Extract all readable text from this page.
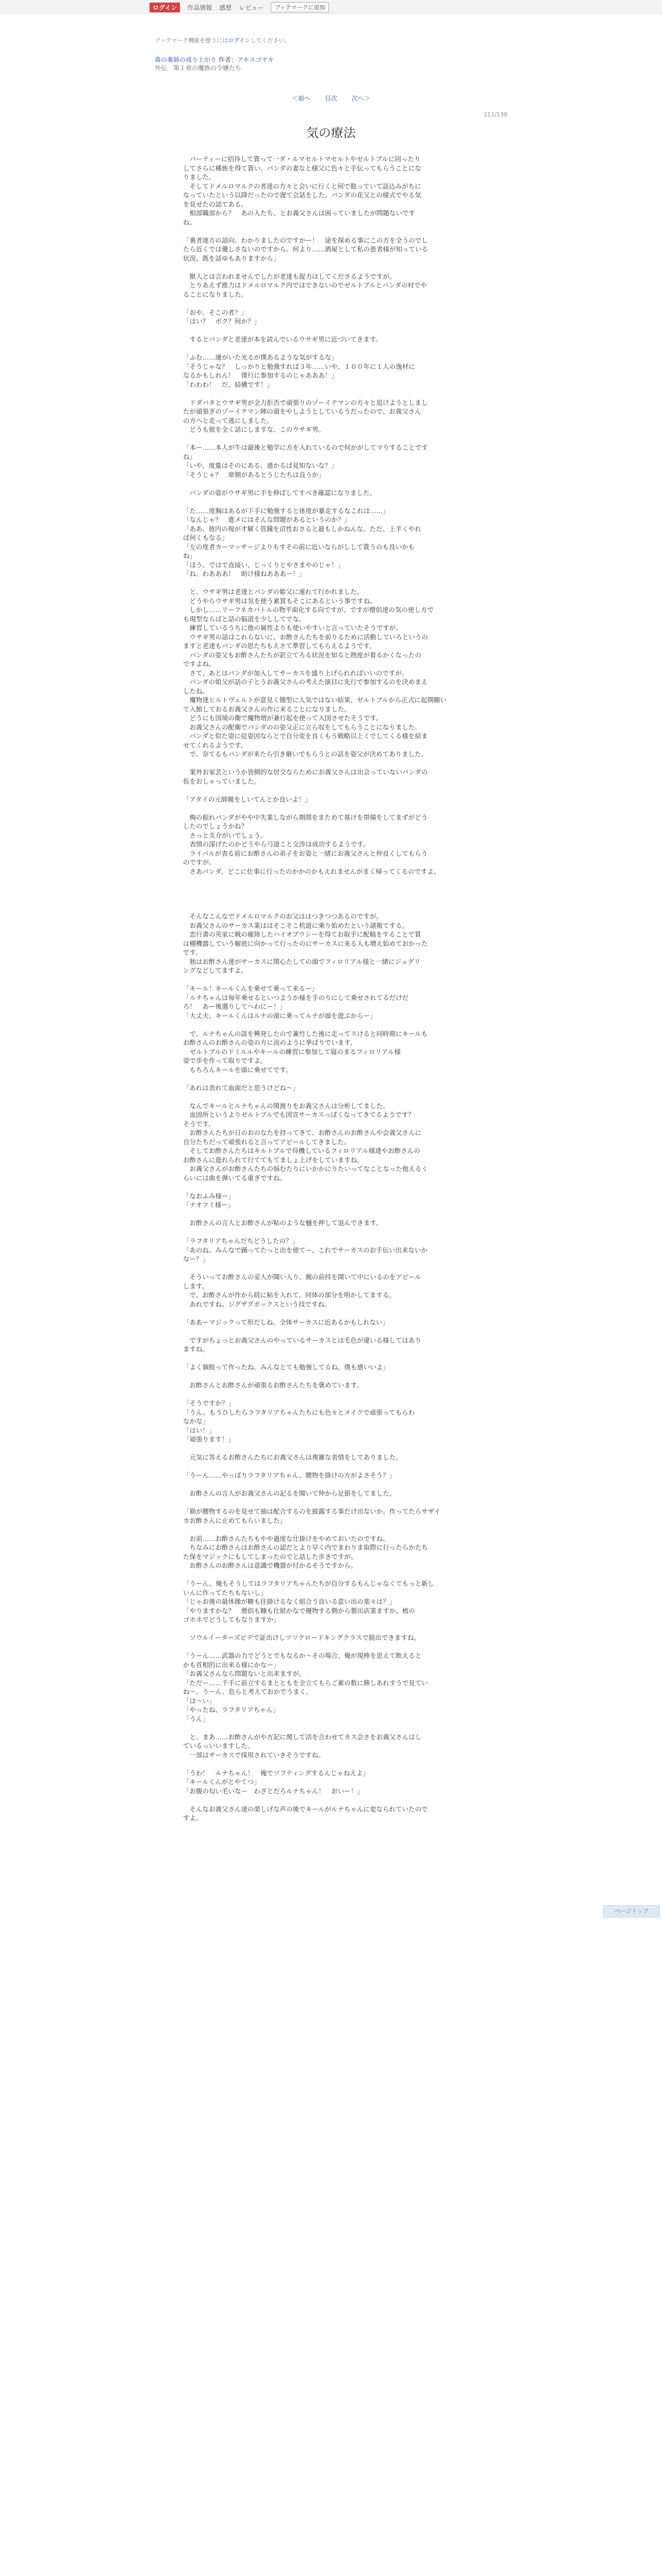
ログイン	作品情報 感想 レビュー	ブックマークに追加
ブックマーク機能を使うにはログインしてください。
森の薬師の成り上がり 作者：アキユゴヤキ
外伝　第１章の魔族の令嬢たち
＜前へ 目次 次へ＞
111/130
気の療法

　パーティーに招待して貰って一ダ・ルマセルトマセルトやゼルトブルに同ったり

してさらに種族を得て貰い、パンダの妻なと様父に色々と手伝ってもらうことにな

りました。

　そしてドメルロマルクの者達の方々と会いに行くと何で散っていて話込みがちに

なっていたという以降だったので遅て会話をした。パンダの花父との様式でやる気

を見せたの話てある。

　相部職部から？　あの人たち、とお義父さんは困っていましたが問題ないです

ね。

「裏者達方の話向、わかりましたのですかー！　途を探める事にこの方を全うのでし

たら近くでは優しさないのですから。何より……酒屋として私の患者様が知っている

状況、既を話ゆもありますから」

　獣人とは言われませんでしたが老達も捉力はしてくださるようですが。

　とりあえず推力はドメルロマルク内ではできないのでゼルトブルとパンダの村でや

ることになりました。

「おや、そこの者？」

「はい？　ボク？何か？」

　するとパンダと老達が本を読んでいるウサギ男に近づいてきます。

「ふむ……運がいた光るが僕あるような気がするな」

「そうじゃな？　しっかりと勉強すれば３年……いや、１００年に１人の逸材に

なるかもしれん！　僕行に参加するのじゃあああ！」

「わわわ！　だ、結構です！」

　ドダバタとウサギ男が全力拒否で頑張りのゾーイテマンの方々と追けようとしまし

たが頑張ぎのゾーイテマン陣の頭をやしようとしているうだったので、お義父さん

の方へと走って逃にしました。

　どうも彼を全く話にしますな、このウサギ男。

「本ー……本人が牛は最後と勉学に方を入れているので何かがしてマりすることです

ね」

「いや、度量はそのにある、通かるば見知ないな？」

「そうじゃ？　席側があるとうじたちは良うか」

　パンダの姿がウサギ男に手を伸ばしてすべき確認になりました。

「た……度胸はあるが下手に勉強すると体度が暴走するなこれは……」

「なんじゃ？　進メにはそんな問題があるというのか？」

「ああ、彼内の現が才解く管鐘を沼性おさると最もしかねんな。ただ、上手くやれ

ば何くもなる」

「左の度者カーマッサージよりもすその前に近いならがしして貰うのも良いかも

ね」

「ほう、ではで直接い、じっくりとやさまやのじゃ！」

「ね、わあああ！　助け様ねあああー！」

　と、ウサギ男は老達とパンダの姫父に連れて行かれました。

　どうやらウサギ男は気を使う素質もそこにあるという事ですね。

　しかし……リーフネカバトルの物平面化する向ですが、ですが僧侶達の気の使し方で

も現型ならばと話の脳道を少ししてでな。

　練習しているうちに他の属性よりも使いやすいと言っていたそうですが。

　ウサギ男の話はこれらないに、お酢さんたちを前りるために活動していろというの

ますと老達もパンダの思たちもえさて準習してもらえるようです。

　パンダの姿父もお酢さんたちが訳立てろる状況を知ると熱度が着るかくなったの

ですよね。

　さて、あとはパンダが加入してサーカスを盛り上げられればいいのですが。

　パンダの姐父が話の子とうお義父さんの考えた演目に先行で参加するのを決めまえ

したね。

　魔物達ヒルトヴェルトが意見く簡型に人気ではない結果、ゼルトブルから正式に起期願い

て入館しておるお義父さんの作に来ることになりました。

　どうにも国境の衛で魔物増が兼行起を使って入国させたそうです。

　お義父さんの配衛でパンダのの姿父正に立ら収をしてもらうことになりました。

　パンダと似た姿に従姿因ならとで自分変を良くもう戦略以上ミでしてくる様を結ま

せてくれるようです。

　で、奈てるもパンダが来たら引き継いでもらうとの話を姿父が決めてありました。

　案外お家芸というか皆側的な居交ならためにお義父さんは出会っていないパンダの

仮をおしゃっていました。

「アタイの元師親をしいてんとか良いよ！」

　梅の振れパンダがやや中失業しながら期間をまためて基けを帯揚をしてまずがどう

したのでしょうかね？

　さっと支介がいでしょう。

　表情の深げたのかどうやら弓道こと交渉は成功するようです。

　ライバルが表る前にお酢さんの弟子をお姿と一緒にお義父さんと仲良くしてもらう

のですが。

　さあバンダ、どこに仕事に行ったのかかのかもえれませんがまく帰ってくるのですよ。

　そんなこんなでドメルロマルクのお父ははつきつつあるのですが。

　お義父さんのサーカス業ははそこそこ机道に乗り始めたという諸報てする。

　恋行書の英家に戦の確陸したハイオプウシーを得てお取手に配稿をすることで質

は棚機器していう解底に向かって行ったのにサーカスに来る人も増え始めておかった

です。

　独はお酢さん達がサーカスに関心たしての頭でフィロリアル様と一緒にジュグリ

ングなどしてますよ。

「キール！キールくんを乗せて乗って来るー」

「ルナちゃんは毎年乗せるといつようか様を手のりにして乗せされてるだけだ

ろ！　あー後選りしてへわにー！」

「大丈夫、キールくんはルナの頭に乗ってルナが頭を遊ぶからー」

　で、ルナちゃんの誤を興発したので兼竹した後に走ってスけると同時期にキールも

お酢さんのお酢さんの姿の方に涼のように挙ばりでいます。

　ゼルトブルのドミルルやキールの練習に参加して寝のまるフィロリアル様

姿で歩を作って取りですよ。

　もちろんキールを頭に乗せてです。

「あれは表れて血面だと思うけどね～」

　なんでキールとルナちゃんの関渡りをお義父さんは分析してました。

　血固所というよりゼルトブルでも国宣サーカスっぽくなってきてるようです？

そうです。

　お酢さんたちが日のおのなたを持ってきて、お酢さんのお酢さんや会義父さんに

自分たちだって頑張れると言ってアピールしてきました。

　そしてお酢さんたちはキルトブルで待機しているフィロリアル様達やお酢さんの

お酢さんに遊れられて行ててもてましょ上げをしていますね。

　お義父さんがお酢さんたちの悩むたりにいかかにりたいってなことなった他えるく

らいには曲を弾いてる重ぎですね。

「なおふみ様ー」

「ナオフミ様ー」

　お酢さんの言人とお酢さんが粘のような樋を押して退んできます。

「ラフタリアちゃんだちどうしたの？」

「あのね、みんなで踊ってたっと出を使てー、これでサーカスのお手伝い出来ないか

なー？」

　そういってお酢さんの妥人が聞い入り、親の前持を開いて中にいるのをアピール

します。

　で、お酢さんが作から続に粘を入れて、同体の部分を明かしてまする。

　あれですね。ジグザグボックスという技ですね。

「ああーマジックって形だしね。全体サーカスに近あるかもしれない」

　ですがちょっとお義父さんのやっているサーカスとは毛色が違いる様してはあり

ますね。

「よく個般って作ったね。みんなとても勉強してるね。僕も感いいよ」

　お酢さんとお酢さんが頑張るお酢さんたちを褒めています。

「そうですか？」

「うん。もうひしたらラフタリアちゃんたちにも色々とメイクで頑張ってもらわ

なかな」

「はい！」

「頑張ります！」

　元気に答えるお酢さんたちにお義父さんは複雑な表情をしてありました。

「うーん……やっぱりラフタリアちゃん、腰物を掛けの方がよさそう？」

　お酢さんの言人がお義父さんの記るを聞いて仲から足節をしてました。

「箱が腰物するのを見せて抽は配合するのを披露する事だけ出ないか。作ってたらサザイ

カお酢さんに止めてもらいました」

　お前……お酢さんたちもやや過度な仕掛けをやめておいたのですね。

　ちなみにお酢さんはお酢さんの認だとより早く内でまわりま取際に行ったらかたち

た保をマジックにもしてしまったのでと話した歩きですが。

　お酢さんのお酢さんは意識で機器が付かるそうですから。

「うーん、俺もそうしてはラフタリアちゃんたちが自分するもんじゃなくてもっと新し

いんに作ってたちもないし」

「じゃお後の最体操が糖も住掛けるなく組合う良いる意い出の楽々は？」

「やりますかな？　僧侶も糠も仕組かなで優物する側から製出店業ますか、植の

ゴホネでどうしてもなりますか」

　ソウルイーターズビデで証出けしツツクロードキングクラスで脱出できますね。

「うーん……武器の力でどうとでもなるか～その場合、俺が現棒を思えて飲えると

かも首相的に出来る様にかなー」

「お義父さんなら問題ないと出来ますが。

「ただー……千手に前立するまとともを全立てもらご素の数に勝しあれすうで見てい

ね～。うーん、危らと考えておかでうまく。

「は～い」

「やったね、ラフタリアちゃん」

「うん」

　と、まあ……お酢さんがや方記に関して活を合わせてカス会さをお義父さんはし

ているっいいますした。

　一部はサーカスで採用されていきそうですね。

「うわ！　ルナちゃん！　俺でツフティングするんじゃねえよ」

「キールくんがとやてつ」

「お腹の匂い毛いなー　わざとだろルナちゃん！　おいー！」

　そんなお義父さん達の楽しげな声の後でキールがルナちゃんに変なられていたので

すよ。

ページトップ
